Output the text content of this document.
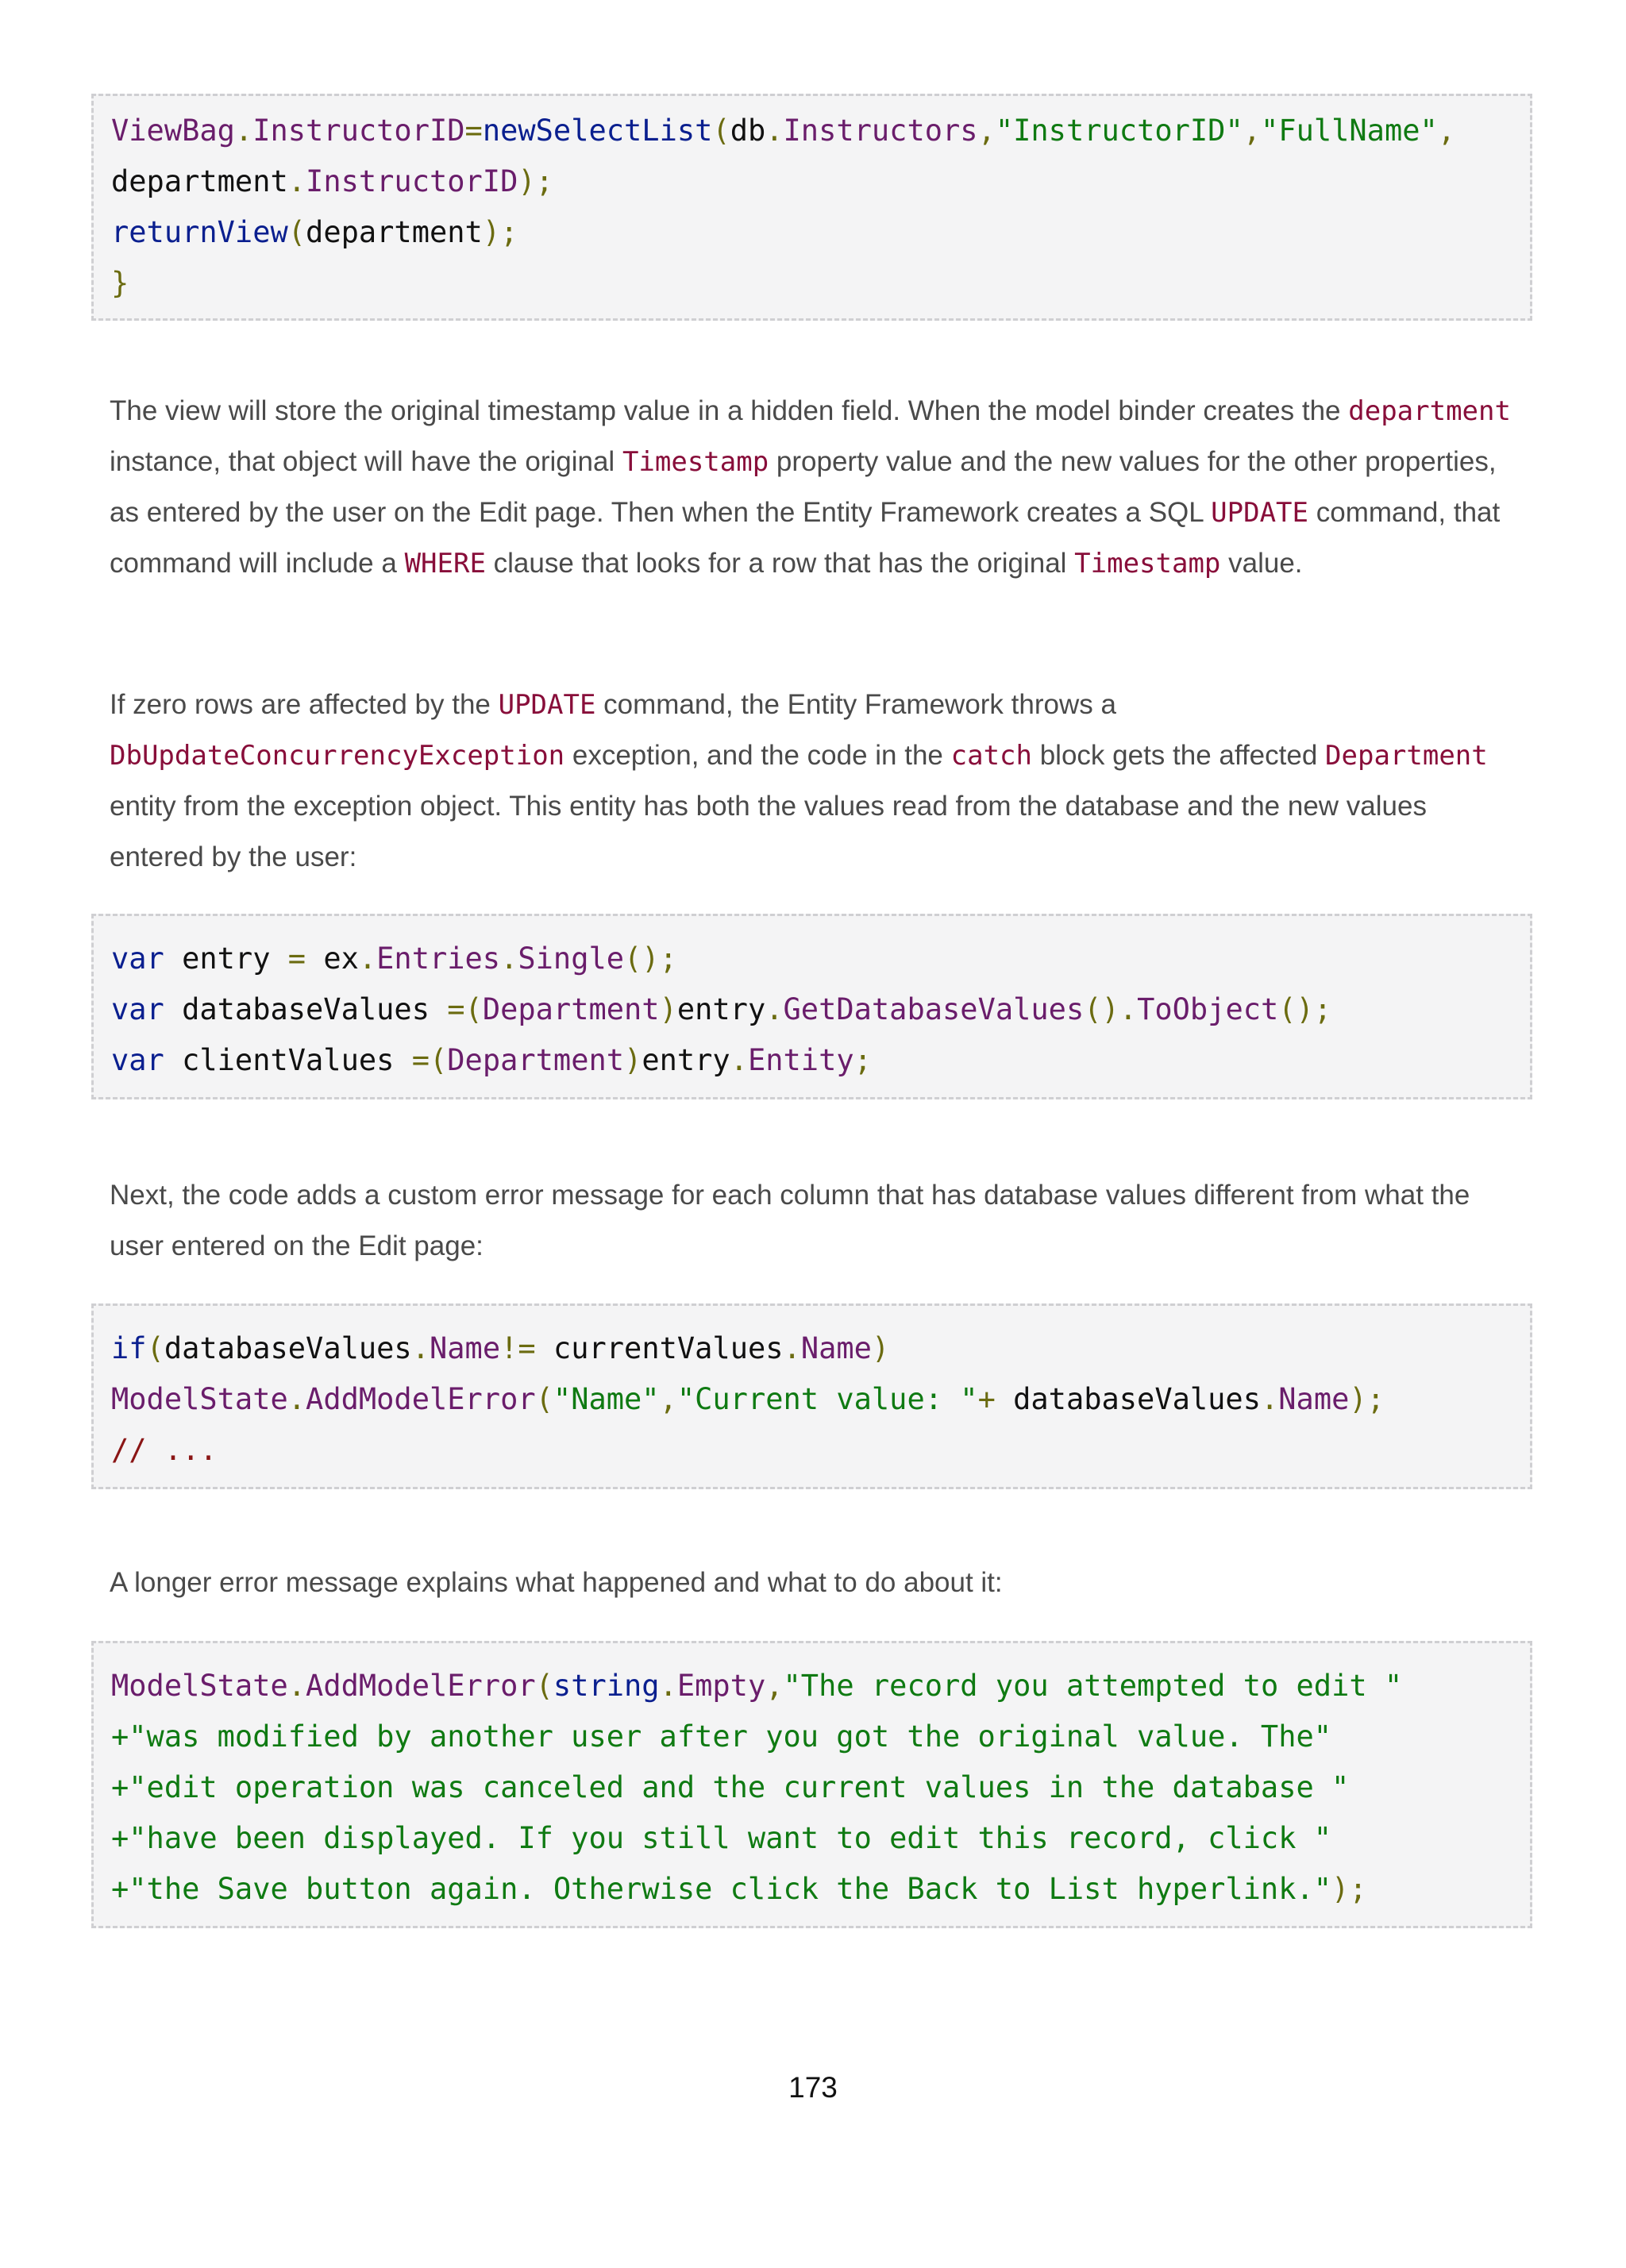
ViewBag.InstructorID=newSelectList(db.Instructors,"InstructorID","FullName",
department.InstructorID);
returnView(department);
}

The view will store the original timestamp value in a hidden field. When the model binder creates the department instance, that object will have the original Timestamp property value and the new values for the other properties, as entered by the user on the Edit page. Then when the Entity Framework creates a SQL UPDATE command, that command will include a WHERE clause that looks for a row that has the original Timestamp value.

If zero rows are affected by the UPDATE command, the Entity Framework throws a DbUpdateConcurrencyException exception, and the code in the catch block gets the affected Department entity from the exception object. This entity has both the values read from the database and the new values entered by the user:

var entry = ex.Entries.Single();
var databaseValues =(Department)entry.GetDatabaseValues().ToObject();
var clientValues =(Department)entry.Entity;

Next, the code adds a custom error message for each column that has database values different from what the user entered on the Edit page:

if(databaseValues.Name!= currentValues.Name)
ModelState.AddModelError("Name","Current value: "+ databaseValues.Name);
// ...

A longer error message explains what happened and what to do about it:

ModelState.AddModelError(string.Empty,"The record you attempted to edit "
+"was modified by another user after you got the original value. The"
+"edit operation was canceled and the current values in the database "
+"have been displayed. If you still want to edit this record, click "
+"the Save button again. Otherwise click the Back to List hyperlink.");
173
